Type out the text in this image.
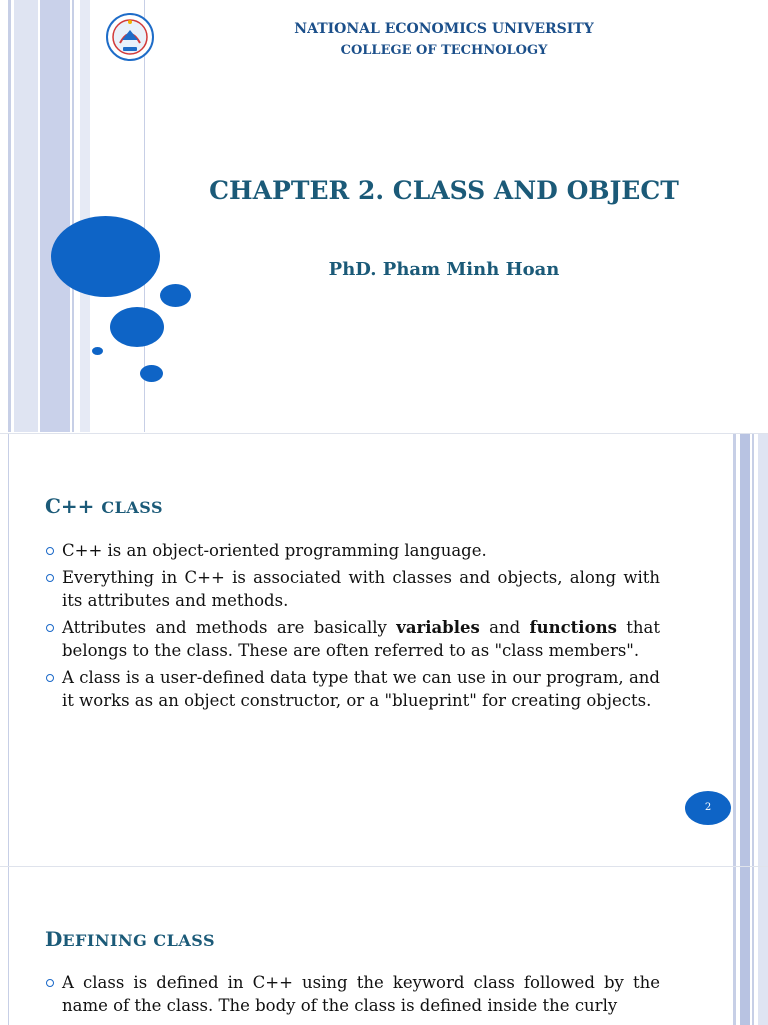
NATIONAL ECONOMICS UNIVERSITY
COLLEGE OF TECHNOLOGY
CHAPTER 2. CLASS AND OBJECT
PhD. Pham Minh Hoan
C++ CLASS
C++ is an object-oriented programming language.
Everything in C++ is associated with classes and objects, along with its attributes and methods.
Attributes and methods are basically variables and functions that belongs to the class. These are often referred to as "class members".
A class is a user-defined data type that we can use in our program, and it works as an object constructor, or a "blueprint" for creating objects.
2
DEFINING CLASS
A class is defined in C++ using the keyword class followed by the name of the class. The body of the class is defined inside the curly
